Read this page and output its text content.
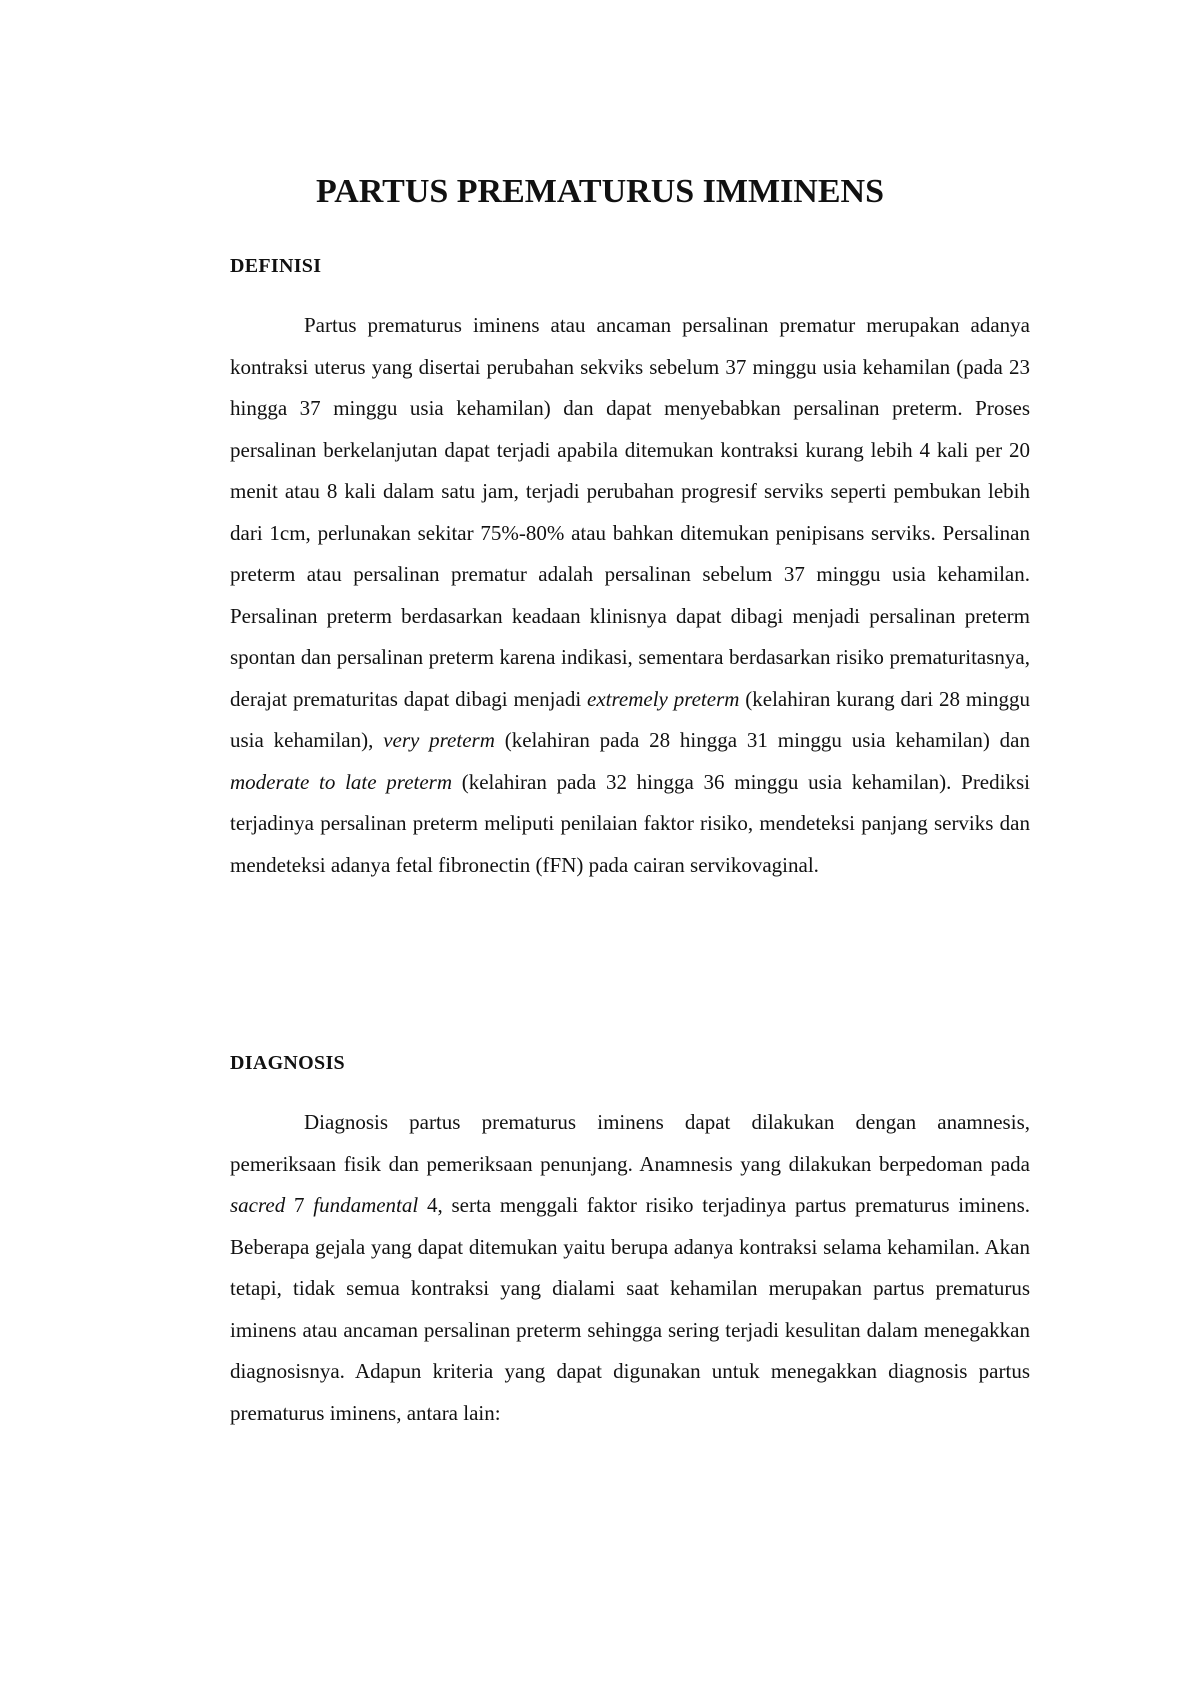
PARTUS PREMATURUS IMMINENS
DEFINISI

Partus prematurus iminens atau ancaman persalinan prematur merupakan adanya kontraksi uterus yang disertai perubahan sekviks sebelum 37 minggu usia kehamilan (pada 23 hingga 37 minggu usia kehamilan) dan dapat menyebabkan persalinan preterm. Proses persalinan berkelanjutan dapat terjadi apabila ditemukan kontraksi kurang lebih 4 kali per 20 menit atau 8 kali dalam satu jam, terjadi perubahan progresif serviks seperti pembukan lebih dari 1cm, perlunakan sekitar 75%-80% atau bahkan ditemukan penipisans serviks. Persalinan preterm atau persalinan prematur adalah persalinan sebelum 37 minggu usia kehamilan. Persalinan preterm berdasarkan keadaan klinisnya dapat dibagi menjadi persalinan preterm spontan dan persalinan preterm karena indikasi, sementara berdasarkan risiko prematuritasnya, derajat prematuritas dapat dibagi menjadi extremely preterm (kelahiran kurang dari 28 minggu usia kehamilan), very preterm (kelahiran pada 28 hingga 31 minggu usia kehamilan) dan moderate to late preterm (kelahiran pada 32 hingga 36 minggu usia kehamilan). Prediksi terjadinya persalinan preterm meliputi penilaian faktor risiko, mendeteksi panjang serviks dan mendeteksi adanya fetal fibronectin (fFN) pada cairan servikovaginal.

DIAGNOSIS

Diagnosis partus prematurus iminens dapat dilakukan dengan anamnesis, pemeriksaan fisik dan pemeriksaan penunjang. Anamnesis yang dilakukan berpedoman pada sacred 7 fundamental 4, serta menggali faktor risiko terjadinya partus prematurus iminens. Beberapa gejala yang dapat ditemukan yaitu berupa adanya kontraksi selama kehamilan. Akan tetapi, tidak semua kontraksi yang dialami saat kehamilan merupakan partus prematurus iminens atau ancaman persalinan preterm sehingga sering terjadi kesulitan dalam menegakkan diagnosisnya. Adapun kriteria yang dapat digunakan untuk menegakkan diagnosis partus prematurus iminens, antara lain:
